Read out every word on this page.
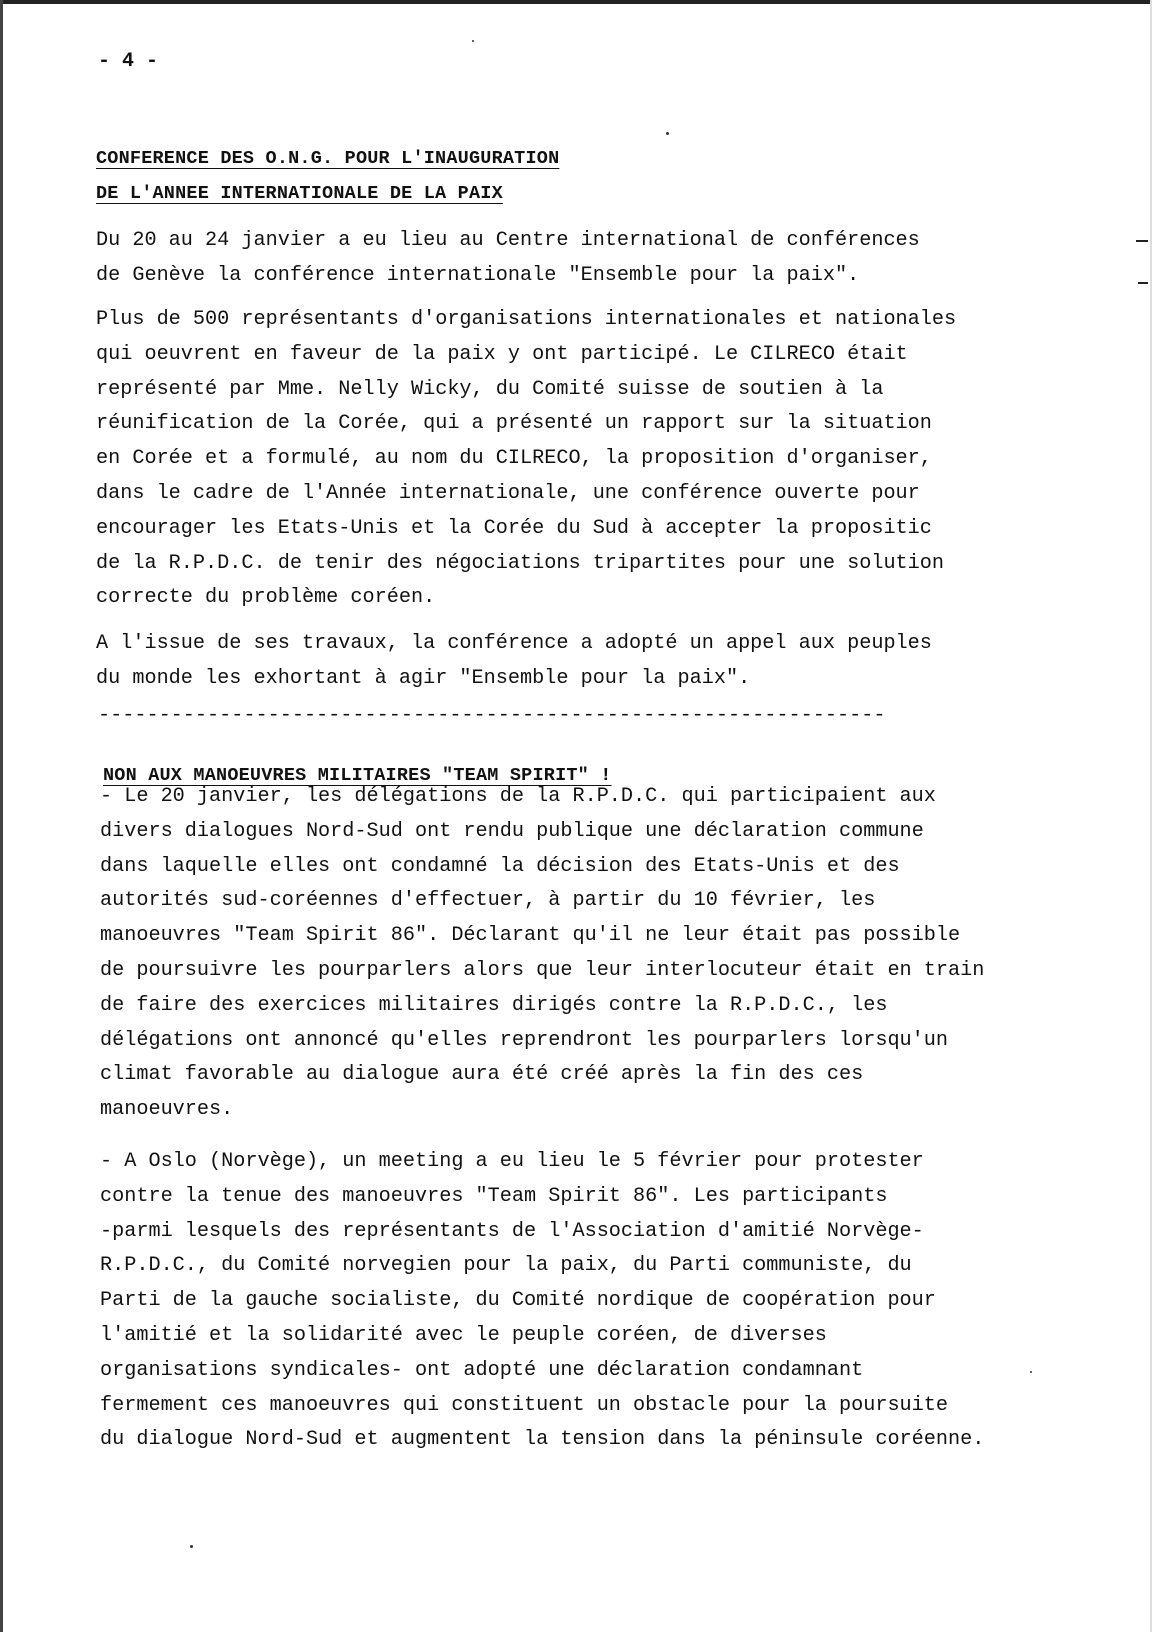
- 4 -
CONFERENCE DES O.N.G. POUR L'INAUGURATION
DE L'ANNEE INTERNATIONALE DE LA PAIX
Du 20 au 24 janvier a eu lieu au Centre international de conférences
de Genève la conférence internationale "Ensemble pour la paix".
Plus de 500 représentants d'organisations internationales et nationales
qui oeuvrent en faveur de la paix y ont participé. Le CILRECO était
représenté par Mme. Nelly Wicky, du Comité suisse de soutien à la
réunification de la Corée, qui a présenté un rapport sur la situation
en Corée et a formulé, au nom du CILRECO, la proposition d'organiser,
dans le cadre de l'Année internationale, une conférence ouverte pour
encourager les Etats-Unis et la Corée du Sud à accepter la propositic
de la R.P.D.C. de tenir des négociations tripartites pour une solution
correcte du problème coréen.
A l'issue de ses travaux, la conférence a adopté un appel aux peuples
du monde les exhortant à agir "Ensemble pour la paix".
-----------------------------------------------------------------
NON AUX MANOEUVRES MILITAIRES "TEAM SPIRIT" !
- Le 20 janvier, les délégations de la R.P.D.C. qui participaient aux
divers dialogues Nord-Sud ont rendu publique une déclaration commune
dans laquelle elles ont condamné la décision des Etats-Unis et des
autorités sud-coréennes d'effectuer, à partir du 10 février, les
manoeuvres "Team Spirit 86". Déclarant qu'il ne leur était pas possible
de poursuivre les pourparlers alors que leur interlocuteur était en train
de faire des exercices militaires dirigés contre la R.P.D.C., les
délégations ont annoncé qu'elles reprendront les pourparlers lorsqu'un
climat favorable au dialogue aura été créé après la fin des ces
manoeuvres.
- A Oslo (Norvège), un meeting a eu lieu le 5 février pour protester
contre la tenue des manoeuvres "Team Spirit 86". Les participants
-parmi lesquels des représentants de l'Association d'amitié Norvège-
R.P.D.C., du Comité norvegien pour la paix, du Parti communiste, du
Parti de la gauche socialiste, du Comité nordique de coopération pour
l'amitié et la solidarité avec le peuple coréen, de diverses
organisations syndicales- ont adopté une déclaration condamnant
fermement ces manoeuvres qui constituent un obstacle pour la poursuite
du dialogue Nord-Sud et augmentent la tension dans la péninsule coréenne.
